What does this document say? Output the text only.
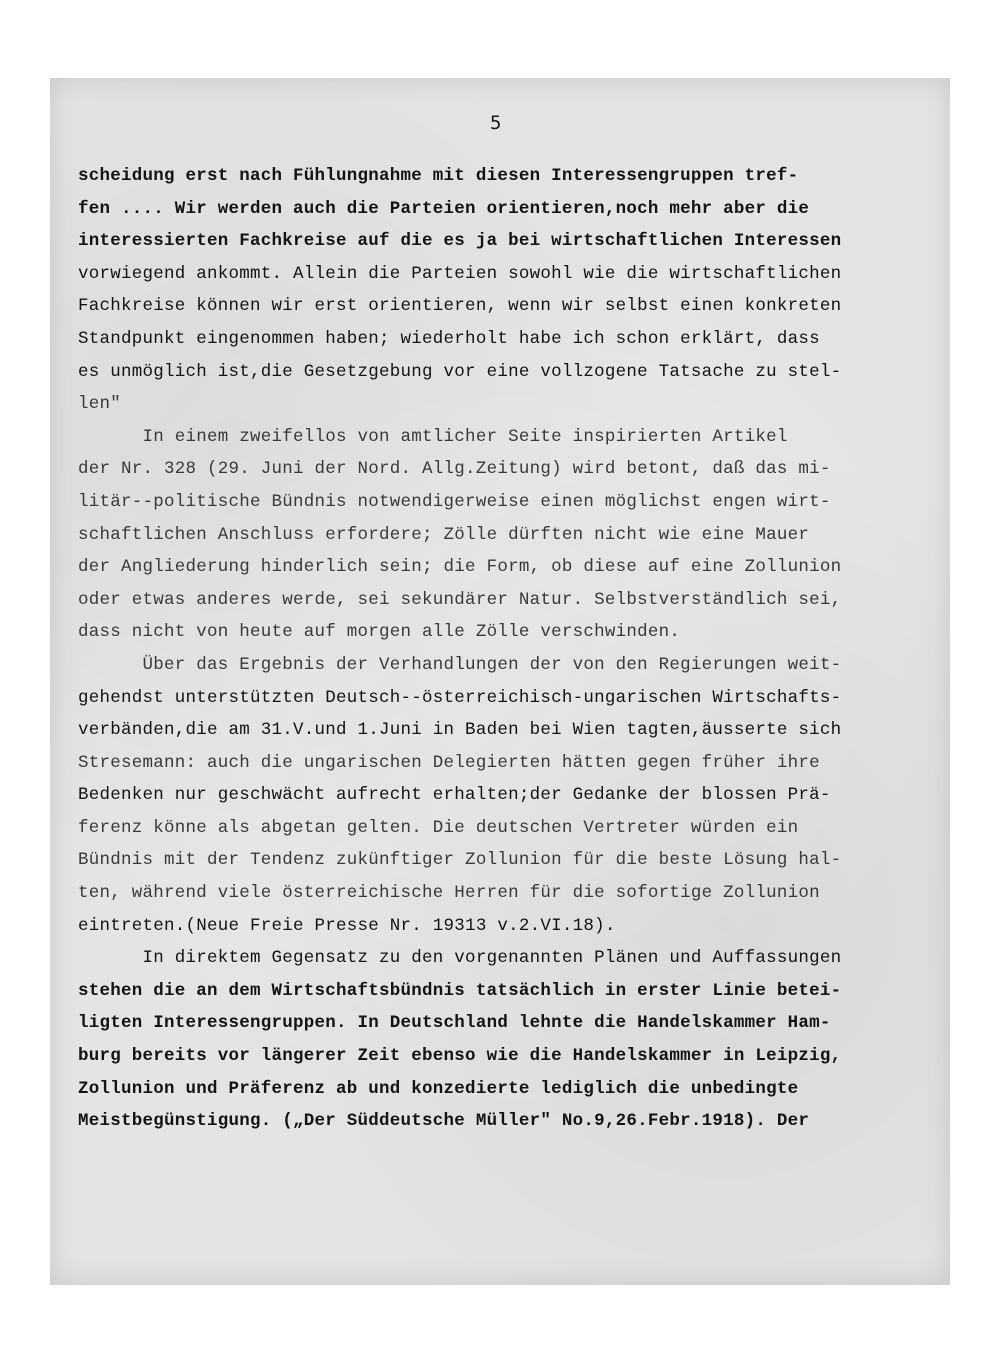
5
scheidung erst nach Fühlungnahme mit diesen Interessengruppen tref-
fen .... Wir werden auch die Parteien orientieren,noch mehr aber die
interessierten Fachkreise auf die es ja bei wirtschaftlichen Interessen
vorwiegend ankommt. Allein die Parteien sowohl wie die wirtschaftlichen
Fachkreise können wir erst orientieren, wenn wir selbst einen konkreten
Standpunkt eingenommen haben; wiederholt habe ich schon erklärt, dass
es unmöglich ist,die Gesetzgebung vor eine vollzogene Tatsache zu stel-
len"
In einem zweifellos von amtlicher Seite inspirierten Artikel
der Nr. 328 (29. Juni der Nord. Allg.Zeitung) wird betont, daß das mi-
litär--politische Bündnis notwendigerweise einen möglichst engen wirt-
schaftlichen Anschluss erfordere; Zölle dürften nicht wie eine Mauer
der Angliederung hinderlich sein; die Form, ob diese auf eine Zollunion
oder etwas anderes werde, sei sekundärer Natur. Selbstverständlich sei,
dass nicht von heute auf morgen alle Zölle verschwinden.
Über das Ergebnis der Verhandlungen der von den Regierungen weit-
gehendst unterstützten Deutsch--österreichisch-ungarischen Wirtschafts-
verbänden,die am 31.V.und 1.Juni in Baden bei Wien tagten,äusserte sich
Stresemann: auch die ungarischen Delegierten hätten gegen früher ihre
Bedenken nur geschwächt aufrecht erhalten;der Gedanke der blossen Prä-
ferenz könne als abgetan gelten. Die deutschen Vertreter würden ein
Bündnis mit der Tendenz zukünftiger Zollunion für die beste Lösung hal-
ten, während viele österreichische Herren für die sofortige Zollunion
eintreten.(Neue Freie Presse Nr. 19313 v.2.VI.18).
In direktem Gegensatz zu den vorgenannten Plänen und Auffassungen
stehen die an dem Wirtschaftsbündnis tatsächlich in erster Linie betei-
ligten Interessengruppen. In Deutschland lehnte die Handelskammer Ham-
burg bereits vor längerer Zeit ebenso wie die Handelskammer in Leipzig,
Zollunion und Präferenz ab und konzedierte lediglich die unbedingte
Meistbegünstigung. („Der Süddeutsche Müller" No.9,26.Febr.1918). Der
